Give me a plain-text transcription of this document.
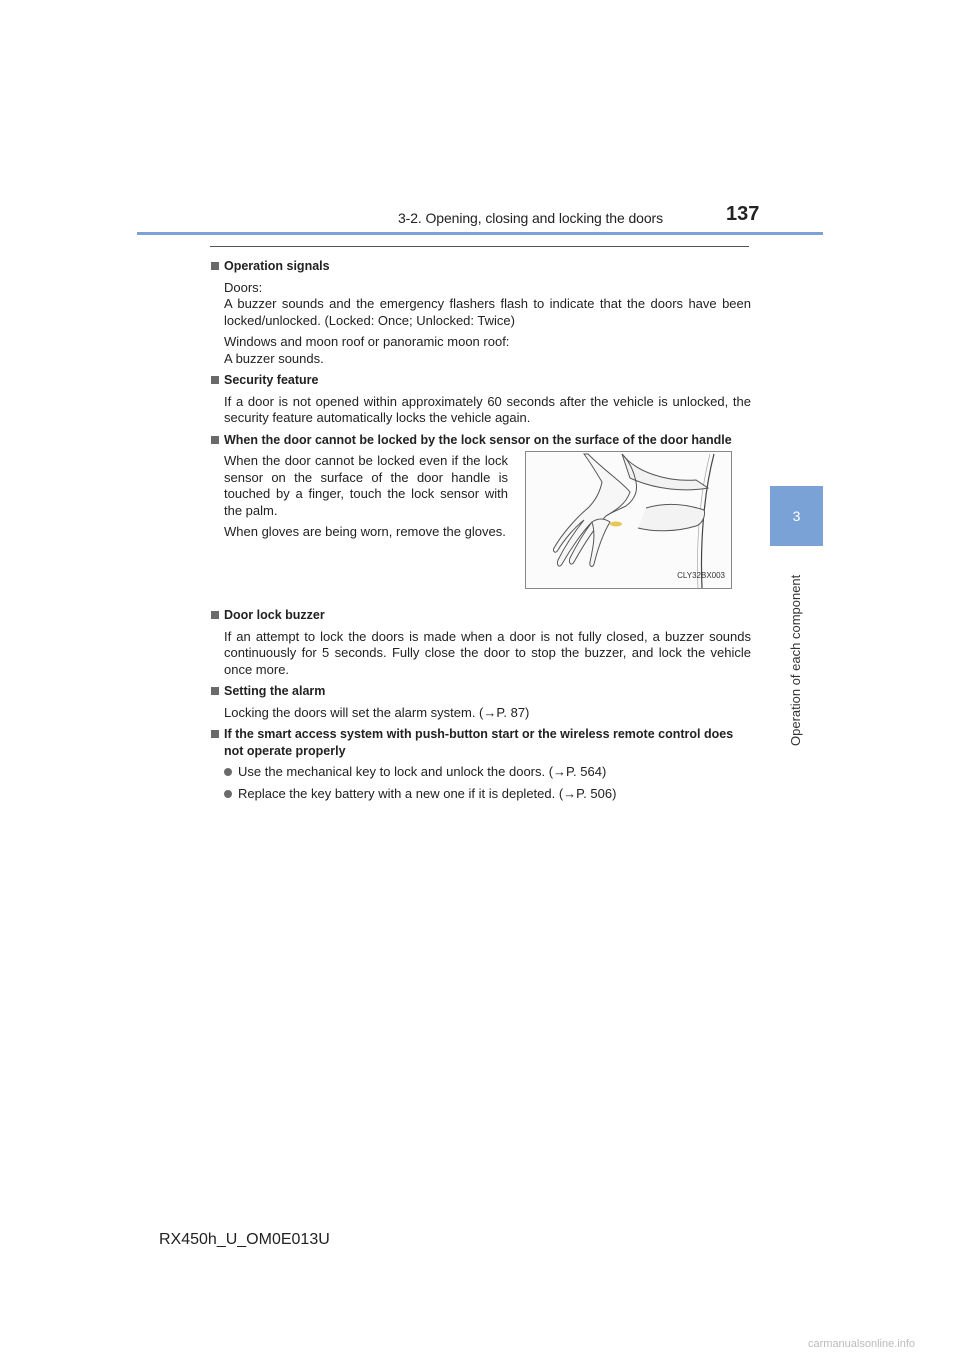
3-2. Opening, closing and locking the doors	137
3
Operation of each component
Operation signals
Doors:
A buzzer sounds and the emergency flashers flash to indicate that the doors have been locked/unlocked. (Locked: Once; Unlocked: Twice)
Windows and moon roof or panoramic moon roof:
A buzzer sounds.
Security feature
If a door is not opened within approximately 60 seconds after the vehicle is unlocked, the security feature automatically locks the vehicle again.
When the door cannot be locked by the lock sensor on the surface of the door handle

When the door cannot be locked even if the lock sensor on the surface of the door handle is touched by a finger, touch the lock sensor with the palm.

When gloves are being worn, remove the gloves.

CLY32BX003
Door lock buzzer
If an attempt to lock the doors is made when a door is not fully closed, a buzzer sounds continuously for 5 seconds. Fully close the door to stop the buzzer, and lock the vehicle once more.
Setting the alarm
Locking the doors will set the alarm system. (→P. 87)
If the smart access system with push-button start or the wireless remote control does not operate properly
Use the mechanical key to lock and unlock the doors. (→P. 564)
Replace the key battery with a new one if it is depleted. (→P. 506)
RX450h_U_OM0E013U
carmanualsonline.info
